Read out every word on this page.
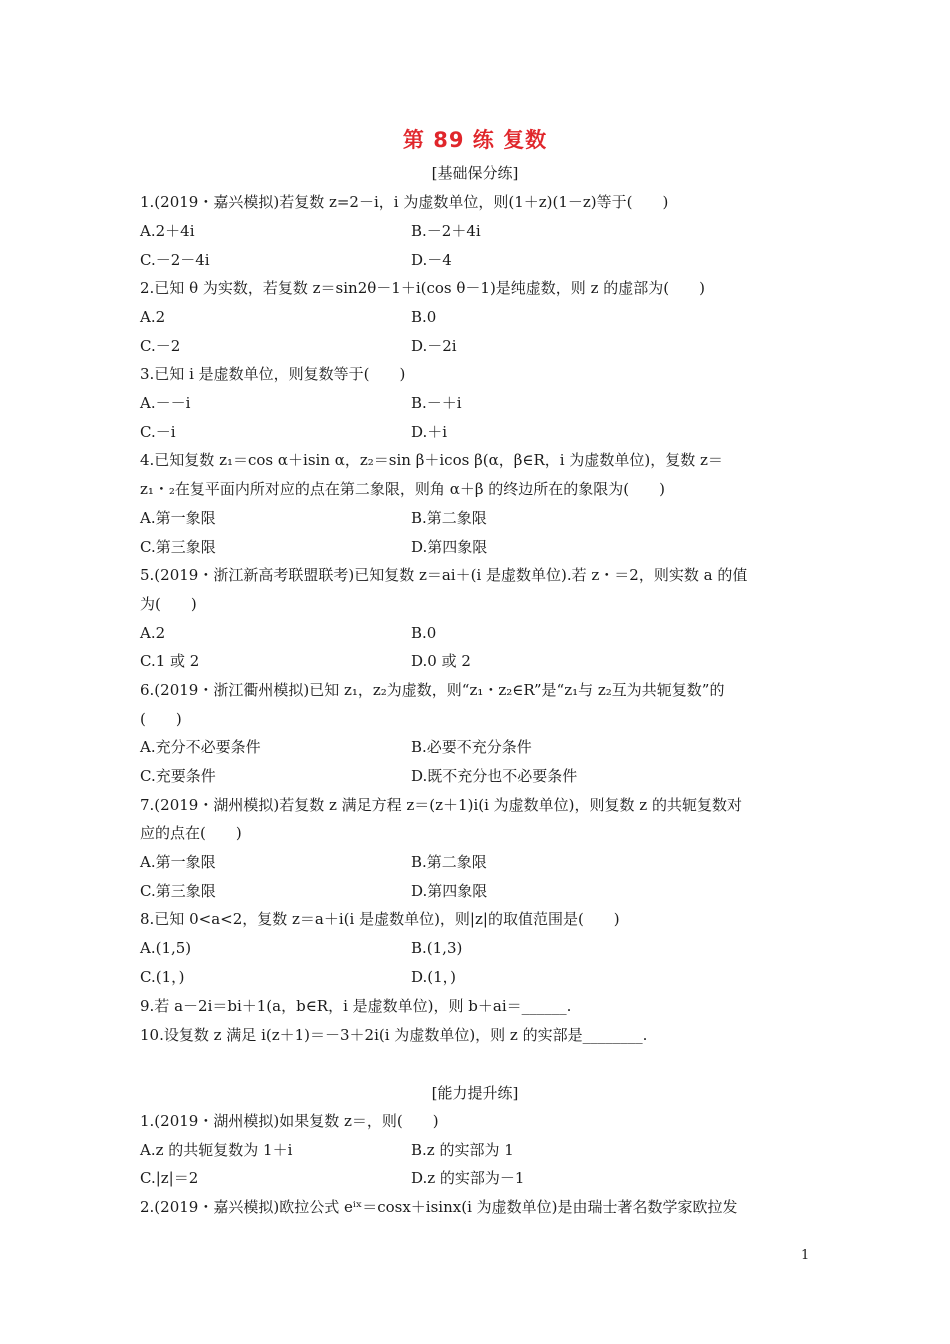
第 89 练 复数
[基础保分练]
1.(2019・嘉兴模拟)若复数 z=2－i，i 为虚数单位，则(1＋z)(1－z)等于(　　)
A.2＋4i	B.－2＋4i
C.－2－4i	D.－4
2.已知 θ 为实数，若复数 z＝sin2θ－1＋i(cos θ－1)是纯虚数，则 z 的虚部为(　　)
A.2	B.0
C.－2	D.－2i
3.已知 i 是虚数单位，则复数等于(　　)
A.－－i	B.－＋i
C.－i	D.＋i
4.已知复数 z₁＝cos α＋isin α，z₂＝sin β＋icos β(α，β∈R，i 为虚数单位)，复数 z＝
z₁・₂在复平面内所对应的点在第二象限，则角 α＋β 的终边所在的象限为(　　)
A.第一象限	B.第二象限
C.第三象限	D.第四象限
5.(2019・浙江新高考联盟联考)已知复数 z＝ai＋(i 是虚数单位).若 z・＝2，则实数 a 的值
为(　　)
A.2	B.0
C.1 或 2	D.0 或 2
6.(2019・浙江衢州模拟)已知 z₁，z₂为虚数，则“z₁・z₂∈R”是“z₁与 z₂互为共轭复数”的
(　　)
A.充分不必要条件	B.必要不充分条件
C.充要条件	D.既不充分也不必要条件
7.(2019・湖州模拟)若复数 z 满足方程 z＝(z＋1)i(i 为虚数单位)，则复数 z 的共轭复数对
应的点在(　　)
A.第一象限	B.第二象限
C.第三象限	D.第四象限
8.已知 0<a<2，复数 z＝a＋i(i 是虚数单位)，则|z|的取值范围是(　　)
A.(1,5)	B.(1,3)
C.(1，)	D.(1，)
9.若 a－2i＝bi＋1(a，b∈R，i 是虚数单位)，则 b＋ai＝______.
10.设复数 z 满足 i(z＋1)＝－3＋2i(i 为虚数单位)，则 z 的实部是________.
[能力提升练]
1.(2019・湖州模拟)如果复数 z＝，则(　　)
A.z 的共轭复数为 1＋i	B.z 的实部为 1
C.|z|＝2	D.z 的实部为－1
2.(2019・嘉兴模拟)欧拉公式 eⁱˣ＝cosx＋isinx(i 为虚数单位)是由瑞士著名数学家欧拉发
1
